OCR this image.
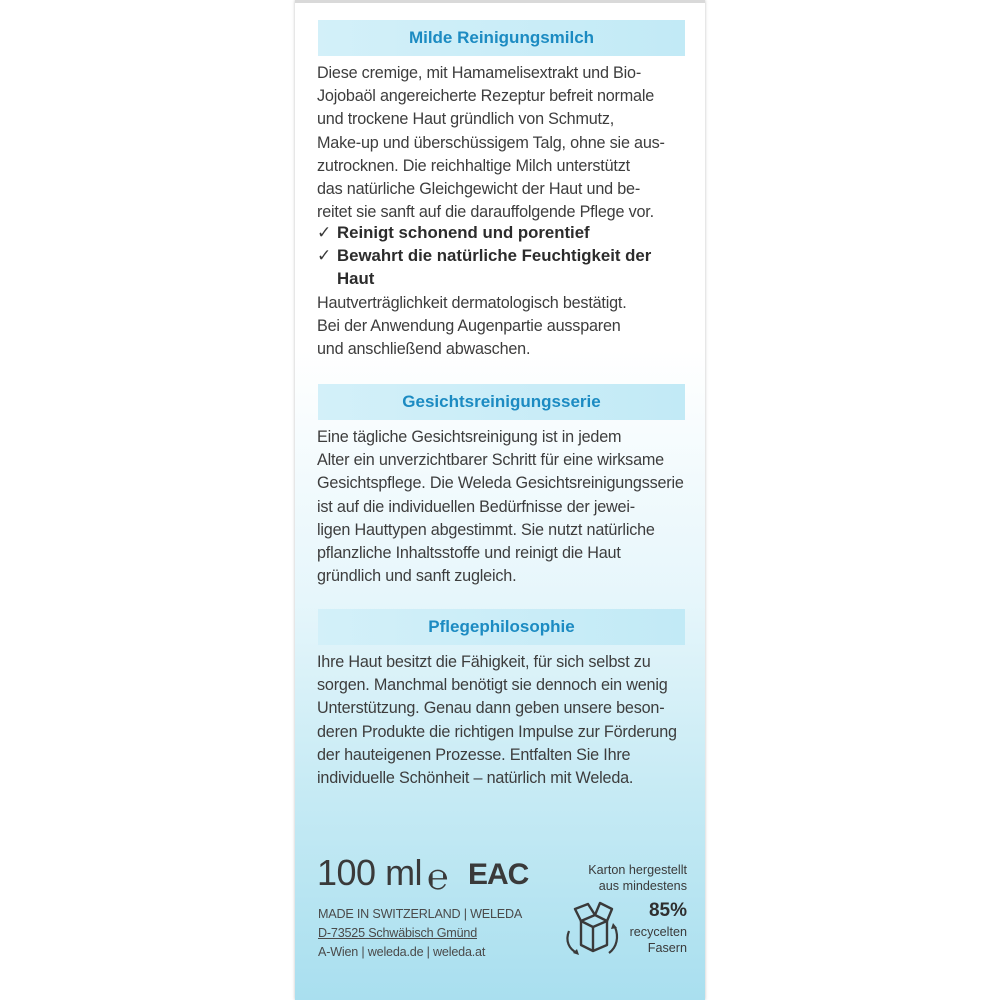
Milde Reinigungsmilch
Diese cremige, mit Hamamelisextrakt und Bio-
Jojobaöl angereicherte Rezeptur befreit normale
und trockene Haut gründlich von Schmutz,
Make-up und überschüssigem Talg, ohne sie aus-
zutrocknen. Die reichhaltige Milch unterstützt
das natürliche Gleichgewicht der Haut und be-
reitet sie sanft auf die darauffolgende Pflege vor.
✓ Reinigt schonend und porentief
✓ Bewahrt die natürliche Feuchtigkeit der Haut
Hautverträglichkeit dermatologisch bestätigt.
Bei der Anwendung Augenpartie aussparen
und anschließend abwaschen.
Gesichtsreinigungsserie
Eine tägliche Gesichtsreinigung ist in jedem
Alter ein unverzichtbarer Schritt für eine wirksame
Gesichtspflege. Die Weleda Gesichtsreinigungsserie
ist auf die individuellen Bedürfnisse der jewei-
ligen Hauttypen abgestimmt. Sie nutzt natürliche
pflanzliche Inhaltsstoffe und reinigt die Haut
gründlich und sanft zugleich.
Pflegephilosophie
Ihre Haut besitzt die Fähigkeit, für sich selbst zu
sorgen. Manchmal benötigt sie dennoch ein wenig
Unterstützung. Genau dann geben unsere beson-
deren Produkte die richtigen Impulse zur Förderung
der hauteigenen Prozesse. Entfalten Sie Ihre
individuelle Schönheit – natürlich mit Weleda.
100 ml ℮ EAC
MADE IN SWITZERLAND | WELEDA
D-73525 Schwäbisch Gmünd
A-Wien | weleda.de | weleda.at
Karton hergestellt
aus mindestens
85%
recycelten
Fasern
